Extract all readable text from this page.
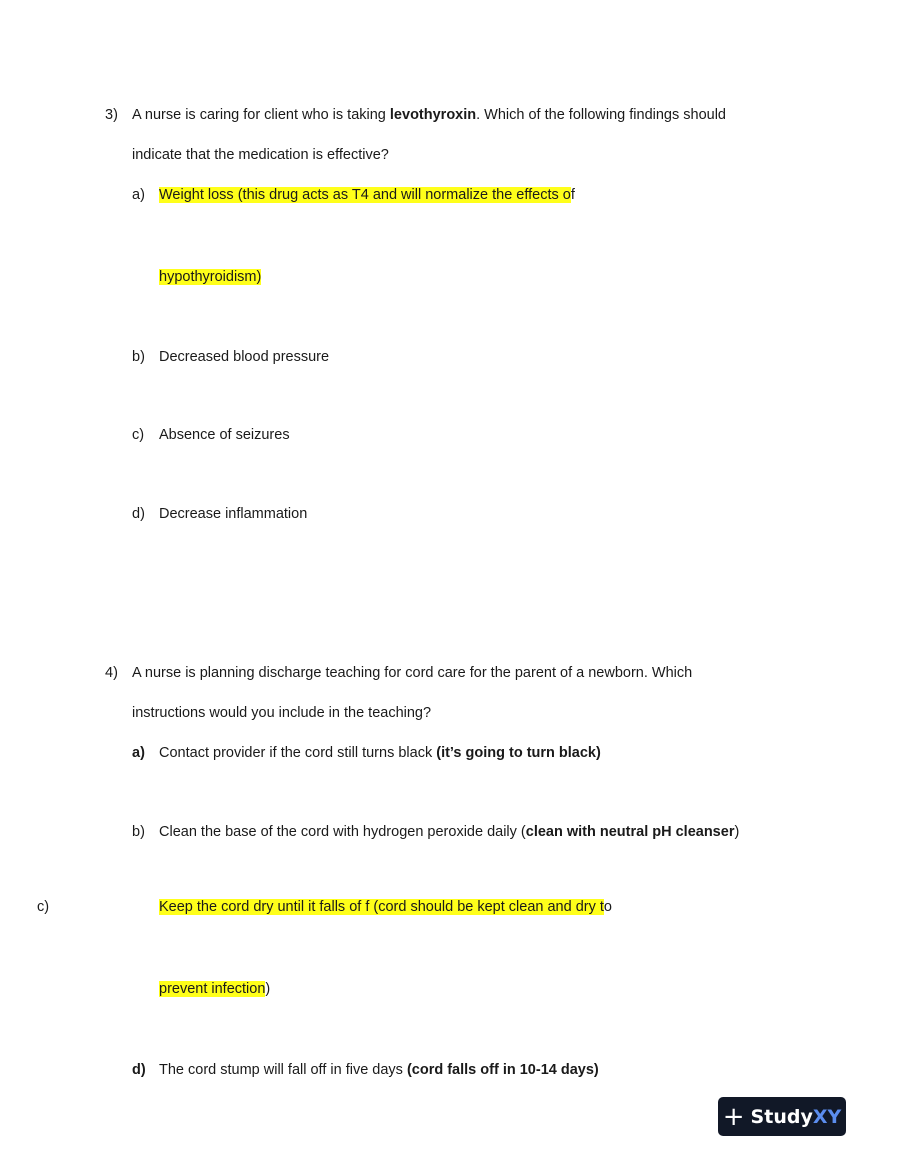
3) A nurse is caring for client who is taking levothyroxin. Which of the following findings should
indicate that the medication is effective?
a) Weight loss (this drug acts as T4 and will normalize the effects of
hypothyroidism)
b) Decreased blood pressure
c) Absence of seizures
d) Decrease inflammation
4) A nurse is planning discharge teaching for cord care for the parent of a newborn. Which
instructions would you include in the teaching?
a) Contact provider if the cord still turns black (it’s going to turn black)
b) Clean the base of the cord with hydrogen peroxide daily (clean with neutral pH cleanser)
c)	Keep the cord dry until it falls of f (cord should be kept clean and dry to
prevent infection)
d) The cord stump will fall off in five days (cord falls off in 10-14 days)
+ Study XY
